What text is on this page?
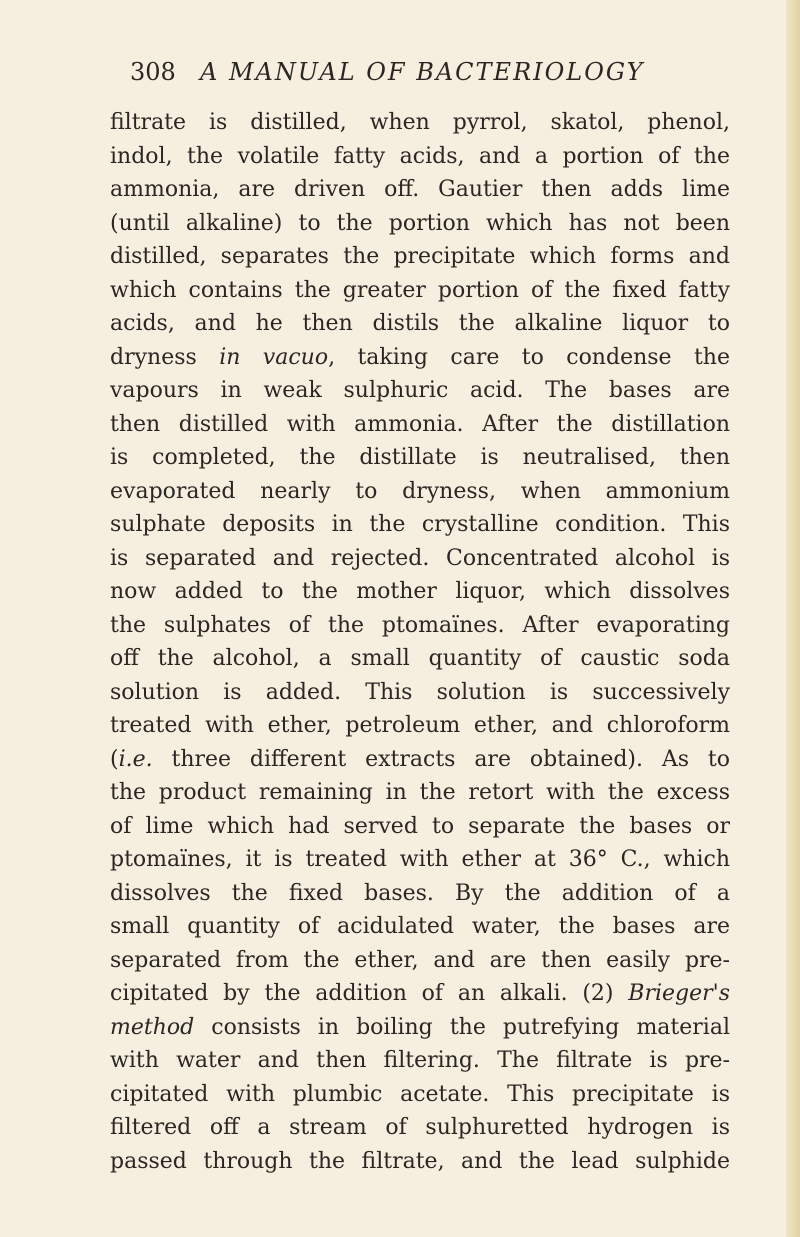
308 A MANUAL OF BACTERIOLOGY
filtrate is distilled, when pyrrol, skatol, phenol,
indol, the volatile fatty acids, and a portion of the
ammonia, are driven off. Gautier then adds lime
(until alkaline) to the portion which has not been
distilled, separates the precipitate which forms and
which contains the greater portion of the fixed fatty
acids, and he then distils the alkaline liquor to
dryness in vacuo, taking care to condense the
vapours in weak sulphuric acid. The bases are
then distilled with ammonia. After the distillation
is completed, the distillate is neutralised, then
evaporated nearly to dryness, when ammonium
sulphate deposits in the crystalline condition. This
is separated and rejected. Concentrated alcohol is
now added to the mother liquor, which dissolves
the sulphates of the ptomaïnes. After evaporating
off the alcohol, a small quantity of caustic soda
solution is added. This solution is successively
treated with ether, petroleum ether, and chloroform
(i.e. three different extracts are obtained). As to
the product remaining in the retort with the excess
of lime which had served to separate the bases or
ptomaïnes, it is treated with ether at 36° C., which
dissolves the fixed bases. By the addition of a
small quantity of acidulated water, the bases are
separated from the ether, and are then easily pre-
cipitated by the addition of an alkali. (2) Brieger's
method consists in boiling the putrefying material
with water and then filtering. The filtrate is pre-
cipitated with plumbic acetate. This precipitate is
filtered off a stream of sulphuretted hydrogen is
passed through the filtrate, and the lead sulphide
